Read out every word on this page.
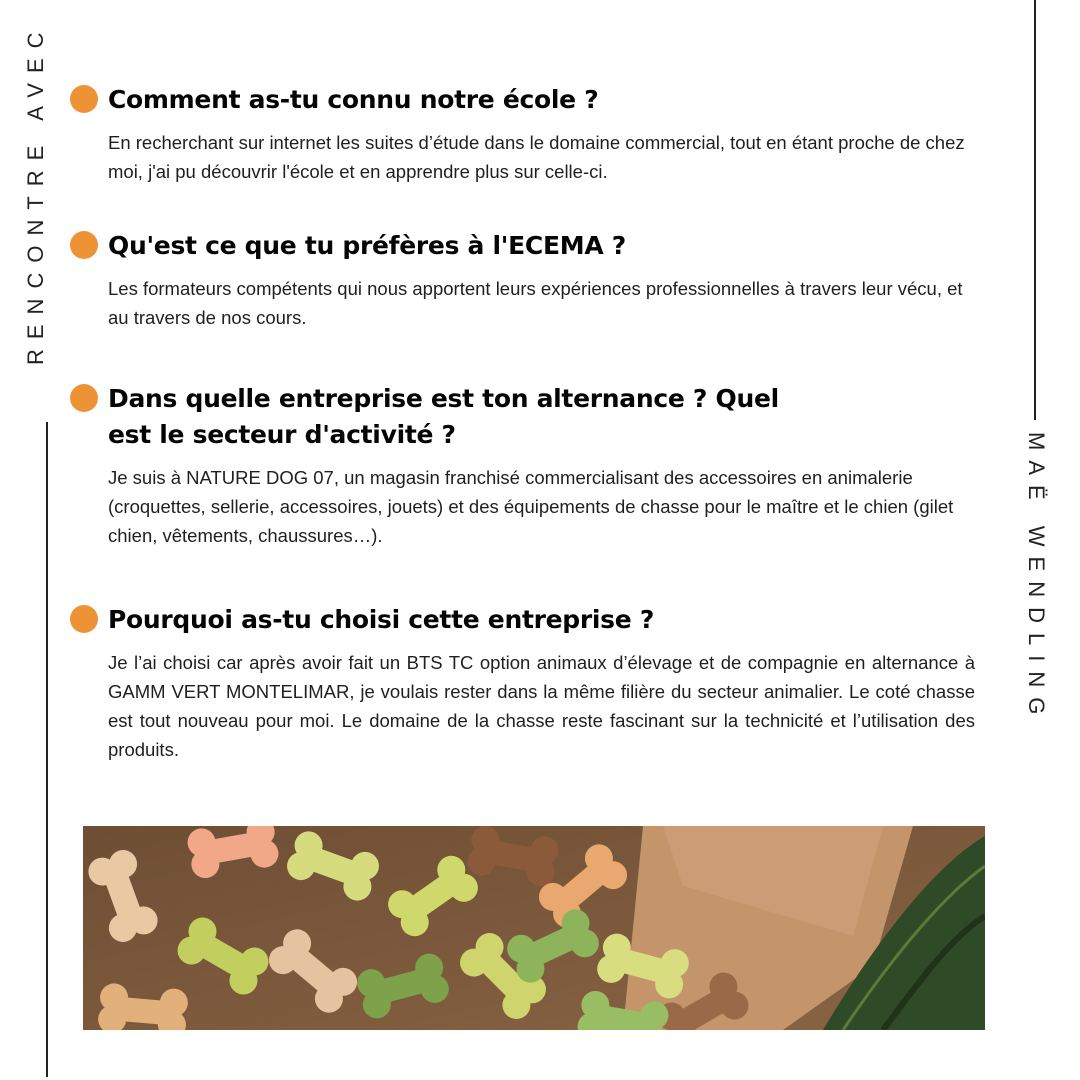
RENCONTRE AVEC
MAË WENDLING
Comment as-tu connu notre école ?
En recherchant sur internet les suites d’étude dans le domaine commercial, tout en étant proche de chez moi, j'ai pu découvrir l'école et en apprendre plus sur celle-ci.
Qu'est ce que tu préfères à l'ECEMA ?
Les formateurs compétents qui nous apportent leurs expériences professionnelles à travers leur vécu, et au travers de nos cours.
Dans quelle entreprise est ton alternance ? Quel est le secteur d'activité ?
Je suis à NATURE DOG 07, un magasin franchisé commercialisant des accessoires en animalerie (croquettes, sellerie, accessoires, jouets) et des équipements de chasse pour le maître et le chien (gilet chien, vêtements, chaussures…).
Pourquoi as-tu choisi cette entreprise ?
Je l’ai choisi car après avoir fait un BTS TC option animaux d’élevage et de compagnie en alternance à GAMM VERT MONTELIMAR, je voulais rester dans la même filière du secteur animalier. Le coté chasse est tout nouveau pour moi. Le domaine de la chasse reste fascinant sur la technicité et l’utilisation des produits.
